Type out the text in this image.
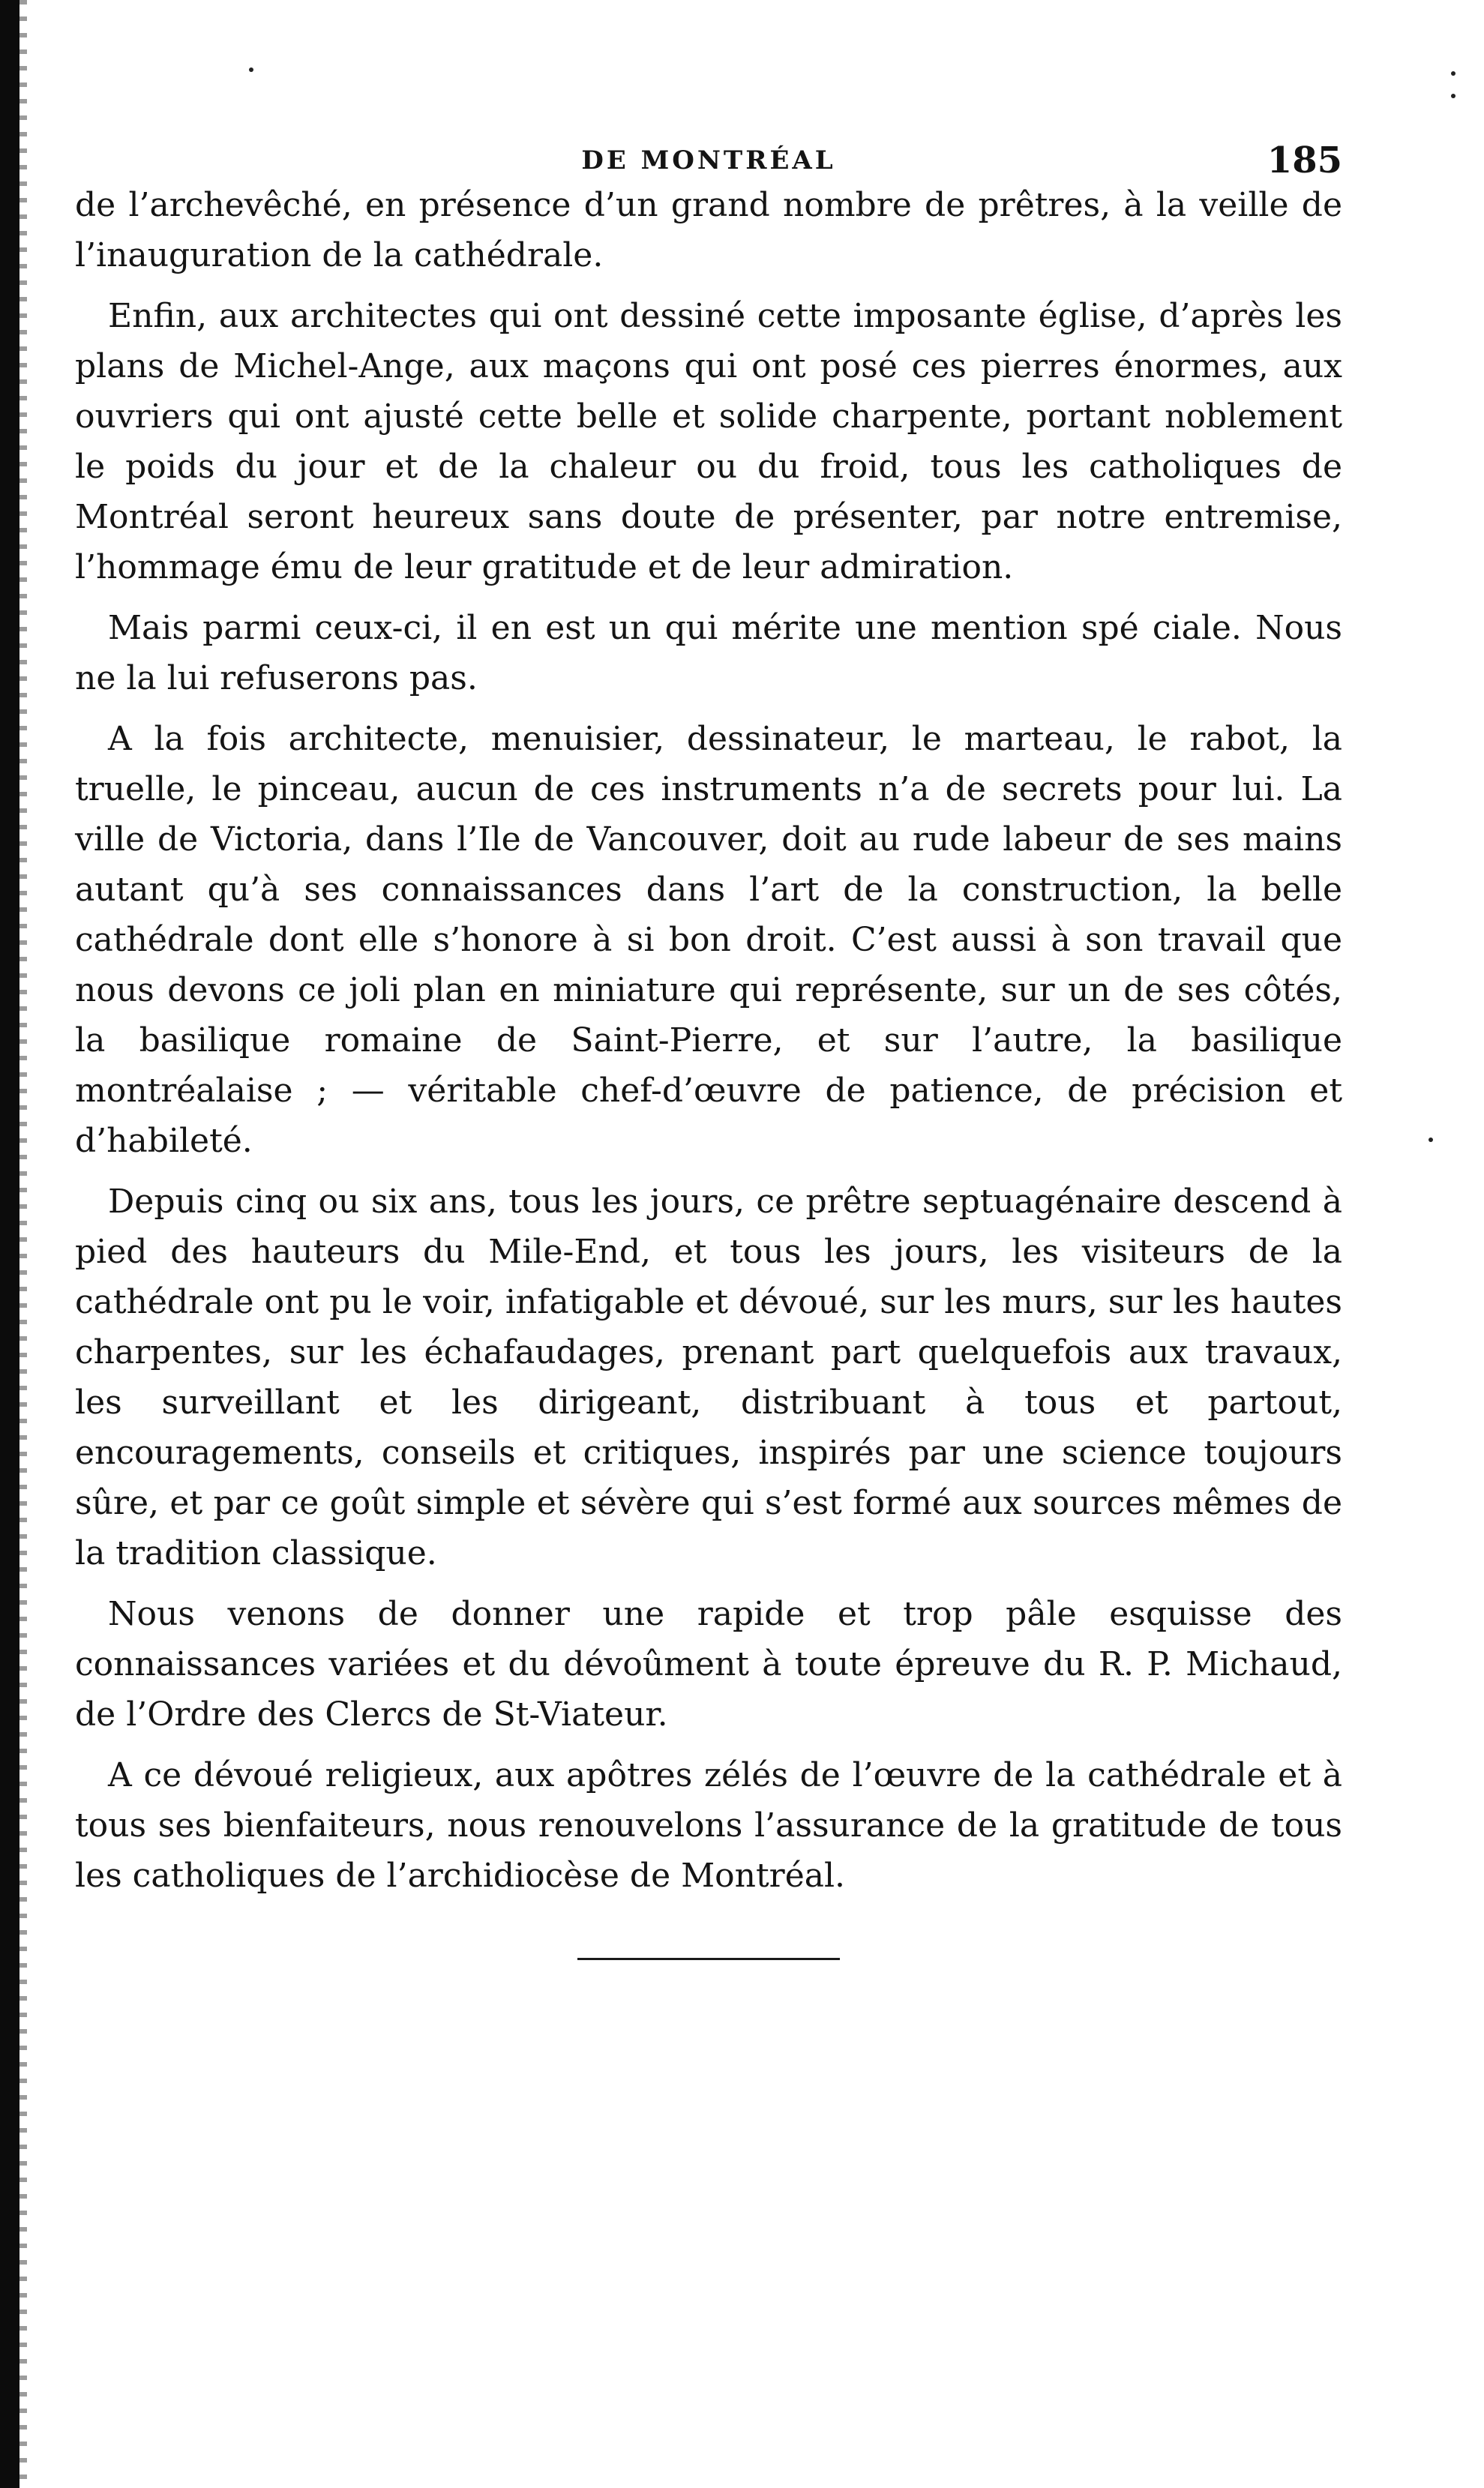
DE MONTRÉAL	185

de l’archevêché, en présence d’un grand nombre de prêtres, à la veille de l’inauguration de la cathédrale.

Enfin, aux architectes qui ont dessiné cette imposante église, d’après les plans de Michel-Ange, aux maçons qui ont posé ces pierres énormes, aux ouvriers qui ont ajusté cette belle et solide charpente, portant noblement le poids du jour et de la chaleur ou du froid, tous les catholiques de Montréal seront heureux sans doute de présenter, par notre entremise, l’hommage ému de leur gratitude et de leur admiration.

Mais parmi ceux-ci, il en est un qui mérite une mention spé ciale. Nous ne la lui refuserons pas.

A la fois architecte, menuisier, dessinateur, le marteau, le rabot, la truelle, le pinceau, aucun de ces instruments n’a de secrets pour lui. La ville de Victoria, dans l’Ile de Vancouver, doit au rude labeur de ses mains autant qu’à ses connaissances dans l’art de la construction, la belle cathédrale dont elle s’honore à si bon droit. C’est aussi à son travail que nous devons ce joli plan en miniature qui représente, sur un de ses côtés, la basilique romaine de Saint-Pierre, et sur l’autre, la basilique montréalaise ; — véritable chef-d’œuvre de patience, de précision et d’habileté.

Depuis cinq ou six ans, tous les jours, ce prêtre septuagénaire descend à pied des hauteurs du Mile-End, et tous les jours, les visiteurs de la cathédrale ont pu le voir, infatigable et dévoué, sur les murs, sur les hautes charpentes, sur les échafaudages, prenant part quelquefois aux travaux, les surveillant et les dirigeant, distribuant à tous et partout, encouragements, conseils et critiques, inspirés par une science toujours sûre, et par ce goût simple et sévère qui s’est formé aux sources mêmes de la tradition classique.

Nous venons de donner une rapide et trop pâle esquisse des connaissances variées et du dévoûment à toute épreuve du R. P. Michaud, de l’Ordre des Clercs de St-Viateur.

A ce dévoué religieux, aux apôtres zélés de l’œuvre de la cathédrale et à tous ses bienfaiteurs, nous renouvelons l’assurance de la gratitude de tous les catholiques de l’archidiocèse de Montréal.
